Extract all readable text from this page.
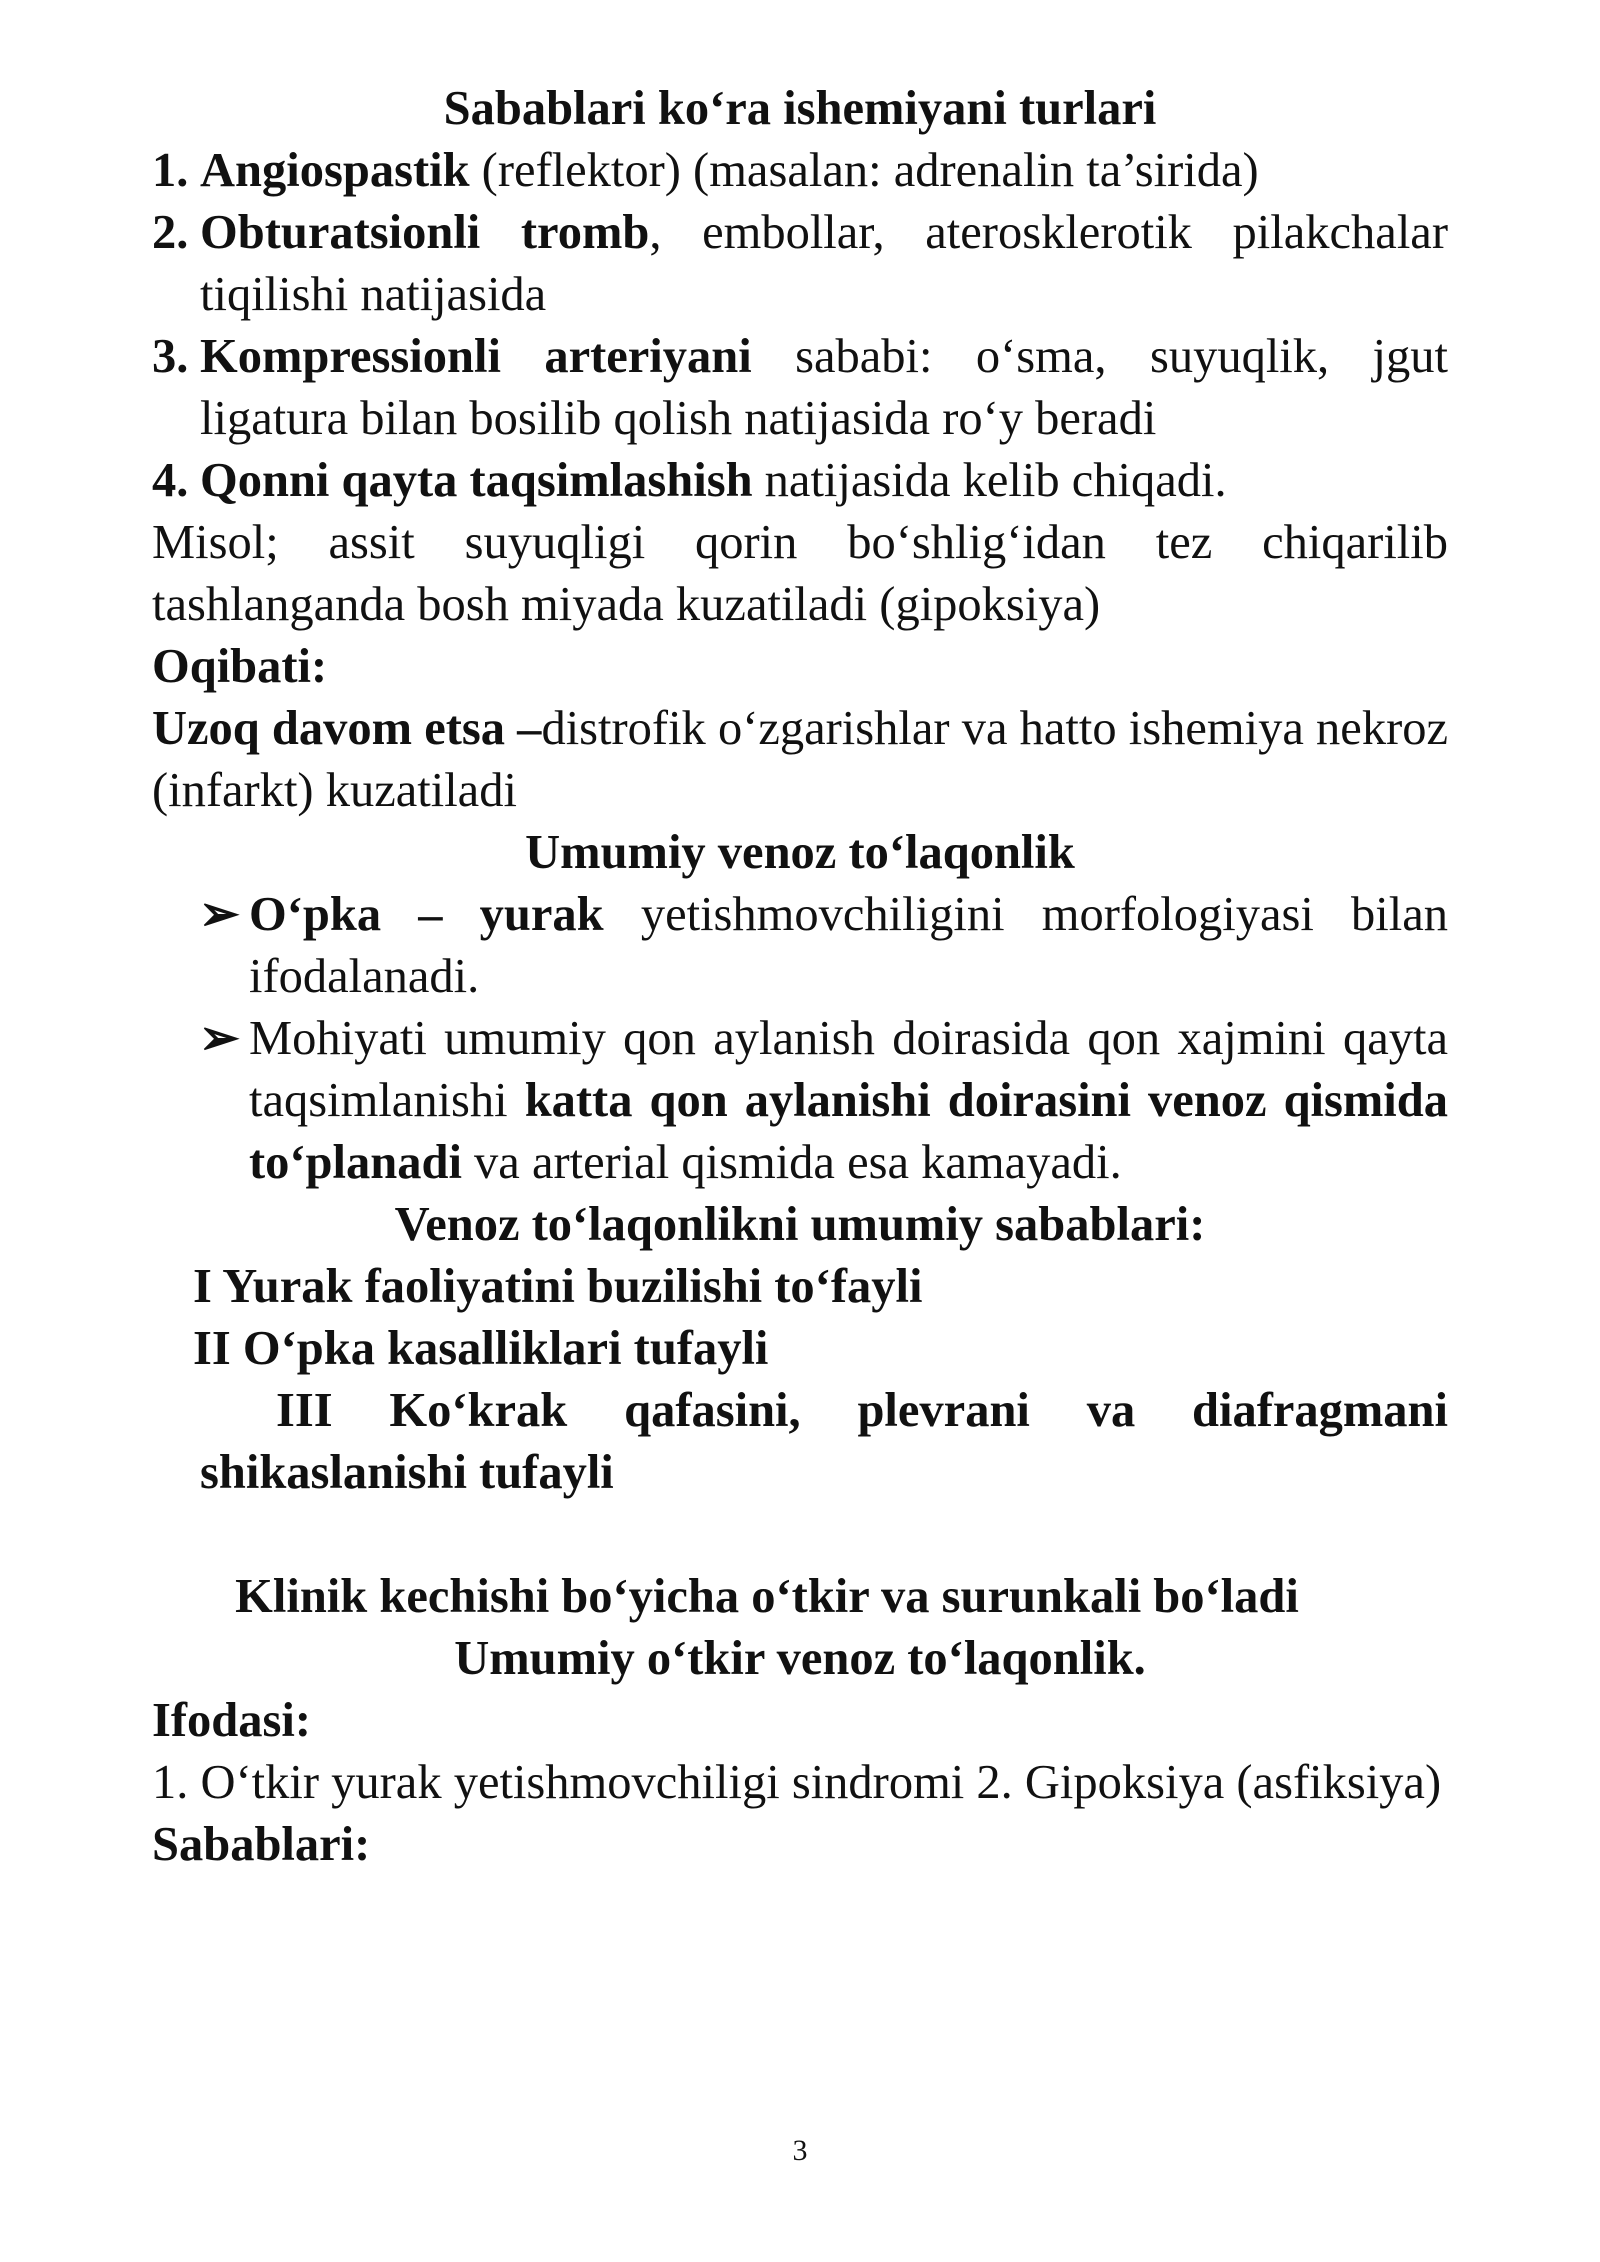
Sabablari ko‘ra ishemiyani turlari
1. Angiospastik (reflektor) (masalan: adrenalin ta’sirida)
2. Obturatsionli tromb, embollar, aterosklerotik pilakchalar tiqilishi natijasida
3. Kompressionli arteriyani sababi: o‘sma, suyuqlik, jgut ligatura bilan bosilib qolish natijasida ro‘y beradi
4. Qonni qayta taqsimlashish natijasida kelib chiqadi.
Misol; assit suyuqligi qorin bo‘shlig‘idan tez chiqarilib tashlanganda bosh miyada kuzatiladi (gipoksiya)
Oqibati:
Uzoq davom etsa –distrofik o‘zgarishlar va hatto ishemiya nekroz (infarkt) kuzatiladi
Umumiy venoz to‘laqonlik
➢ O‘pka – yurak yetishmovchiligini morfologiyasi bilan ifodalanadi.
➢ Mohiyati umumiy qon aylanish doirasida qon xajmini qayta taqsimlanishi katta qon aylanishi doirasini venoz qismida to‘planadi va arterial qismida esa kamayadi.
Venoz to‘laqonlikni umumiy sabablari:
I Yurak faoliyatini buzilishi to‘fayli
II O‘pka kasalliklari tufayli
III Ko‘krak qafasini, plevrani va diafragmani shikaslanishi tufayli
Klinik kechishi bo‘yicha o‘tkir va surunkali bo‘ladi
Umumiy o‘tkir venoz to‘laqonlik.
Ifodasi:
1. O‘tkir yurak yetishmovchiligi sindromi 2. Gipoksiya (asfiksiya)
Sabablari:
3
